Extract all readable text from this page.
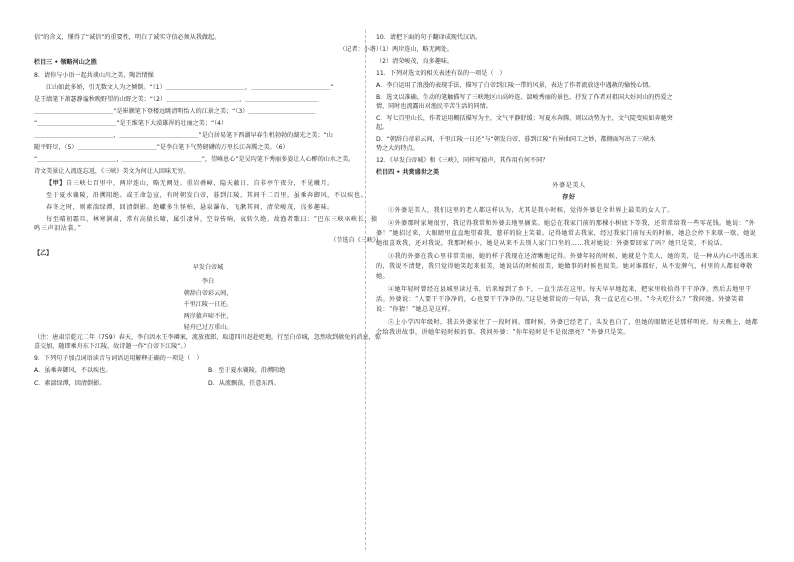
信”的含义，懂得了“诚信”的重要性，明白了诚实守信必须从我做起。

（记者：小谐）

栏目三 • 领略河山之胜

8．请你与小语一起共谈山川之美，陶冶情操

江山如此多娇，引无数文人为之倾倒。“（1）＿＿＿＿＿＿＿＿＿＿＿＿＿，＿＿＿＿＿＿＿＿＿＿＿＿＿”

是王绩笔下萧瑟静谧秋晚野望的山野之美；“（2）＿＿＿＿＿＿＿＿＿＿＿＿，＿＿＿＿＿＿＿＿＿＿＿＿

＿＿＿＿＿＿＿＿＿＿＿＿＿”是崔颢笔下登楼远眺清明怡人的江景之美；“（3）＿＿＿＿＿＿＿＿＿＿＿

“＿＿＿＿＿＿＿＿＿＿＿＿＿”是王维笔下大漠雄浑的壮丽之美；“（4）

＿＿＿＿＿＿＿＿＿＿＿＿＿，＿＿＿＿＿＿＿＿＿＿＿＿＿”是白居易笔下西湖早春生机勃勃的湖光之美；“山

随平野尽，（5）＿＿＿＿＿＿＿＿＿＿＿＿＿”是李白笔下气势磅礴的万里长江奔腾之美。（6）

“＿＿＿＿＿＿＿＿＿＿＿＿＿，＿＿＿＿＿＿＿＿＿＿＿＿＿”，望峰息心”是吴均笔下秀丽多姿让人心醉的山水之美。

诗文美景让人流连忘返，《三峡》美文为何让人回味无穷。

【甲】自三峡七百里中，两岸连山，略无阙处。重岩叠嶂，隐天蔽日，自非亭午夜分，不见曦月。

至于夏水襄陵，沿溯阻绝。或王命急宣，有时朝发白帝，暮到江陵，其间千二百里，虽乘奔御风，不以疾也。

春冬之时，则素湍绿潭，回清倒影。绝巘多生怪柏，悬泉瀑布，飞漱其间，清荣峻茂，良多趣味。

每至晴初霜旦，林寒涧肃，常有高猿长啸，属引凄异，空谷传响，哀转久绝。故渔者歌曰：“巴东三峡巫峡长，猿鸣三声泪沾裳。”

（节选自《三峡》）

【乙】

早发白帝城
李白
朝辞白帝彩云间，
千里江陵一日还。
两岸猿声啼不住，
轻舟已过万重山。

（注：唐肃宗乾元二年（759）春天，李白因永王李璘案，流放夜郎，取道四川赶赴贬地。行至白帝城，忽然收到赦免的消息，惊喜交加，随即乘舟东下江陵。故诗题一作“白帝下江陵”。）

9．下列句子加点词语读音与词语运用解释正确的一项是（　）

A．虽乘奔御风，不以疾也。	B．至于夏水襄陵，沿溯阻绝
C．素湍绿潭，回清倒影。	D．从流飘荡，任意东西。

10．请把下面的句子翻译成现代汉语。

（1）两岸连山，略无阙处。

（2）清荣峻茂，良多趣味。

11．下列对选文的相关表述有误的一项是（　）

A．李白运用了浪漫的表现手法，描写了白帝到江陵一带的风景，表达了作者流放途中遇赦的愉悦心情。

B．选文以准确、生动的笔触描写了三峡地区山高岭连、湍峻秀丽的景色，抒发了作者对祖国大好河山的热爱之

情，同时也流露出对渔民辛苦生活的同情。

C．写七百里山长，作者运用概括描写为主，文气平静舒缓；写夏水奔腾，则以动势为主，文气陡变疾如奔驰突

起。

D．“朝辞白帝彩云间，千里江陵一日还”与“朝发白帝，暮到江陵”有异曲同工之妙，都侧面写出了三峡水

势之大的特点。

12．《早发白帝城》和《三峡》，同样写猿声，其作用有何不同？

栏目四 • 共赏盛世之美

外婆是美人

存好

①外婆是美人，我们这里的老人都这样认为，尤其是我小时候，觉得外婆是全世界上最美的女人了。

②外婆那时家境很穷，我记得我常和外婆去地里摘菜。她总在我家门前的那棵小树底下等我，还常常给我一些零花钱。她说：“外婆！”她招过来，大眼睛里直直地望着我，慈祥的脸上笑着。记得她常去我家，经过我家门前每天的时候，她总会停下来歇一歇。她说她很喜欢我，还对我说，我那时候小，她是从来不去别人家门口坐的……我对她说：外婆要回家了吗？她只是笑，不说话。

③我的外婆在我心里非常美丽，她的样子我现在还清晰地记得。外婆年轻的时候，她就是个美人，她的美，是一种从内心中透出来的，我说不清楚，我只觉得她笑起来很美，她说话的时候很美，她做事的时候也很美。她对谁都好，从不发脾气，村里的人都很尊敬她。

④她年轻时曾经在县城里读过书，后来嫁到了乡下，一直生活在这里。每天早早地起来，把家里收拾得干干净净，然后去地里干活。外婆说：“人要干干净净的，心也要干干净净的。”这是她常说的一句话，我一直记在心里。“今天吃什么？”我问她。外婆笑着说：“你猜！”她总是这样。

⑤上小学四年级时，我去外婆家住了一段时间。那时候，外婆已经老了，头发也白了，但她的眼睛还是那样明亮。每天晚上，她都会给我讲故事，讲她年轻时候的事。我问外婆：“你年轻时是不是很漂亮？”外婆只是笑。
